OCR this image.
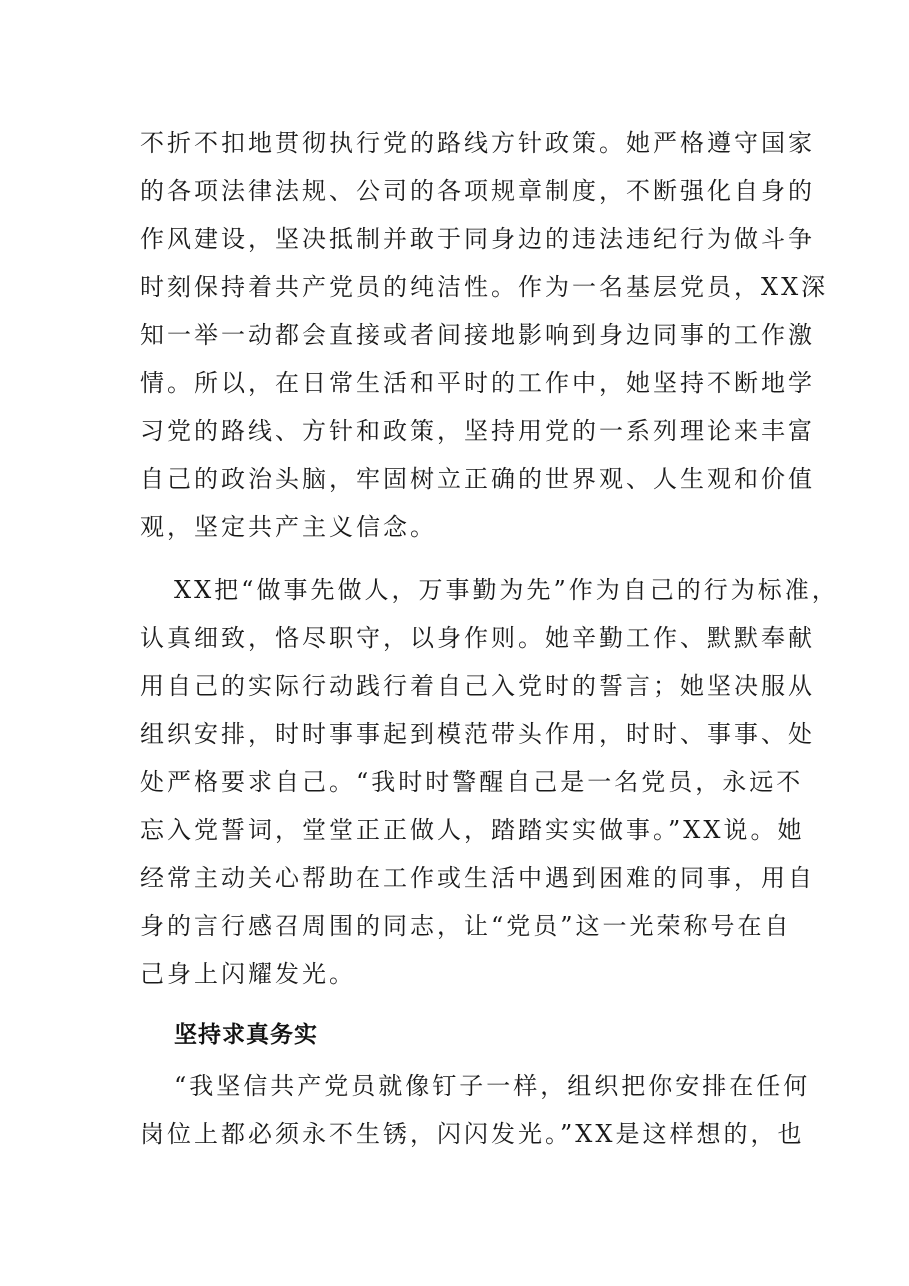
不折不扣地贯彻执行党的路线方针政策。她严格遵守国家
的各项法律法规、公司的各项规章制度，不断强化自身的
作风建设，坚决抵制并敢于同身边的违法违纪行为做斗争
时刻保持着共产党员的纯洁性。作为一名基层党员，XX深
知一举一动都会直接或者间接地影响到身边同事的工作激
情。所以，在日常生活和平时的工作中，她坚持不断地学
习党的路线、方针和政策，坚持用党的一系列理论来丰富
自己的政治头脑，牢固树立正确的世界观、人生观和价值
观，坚定共产主义信念。
XX把“做事先做人，万事勤为先”作为自己的行为标准，
认真细致，恪尽职守，以身作则。她辛勤工作、默默奉献
用自己的实际行动践行着自己入党时的誓言；她坚决服从
组织安排，时时事事起到模范带头作用，时时、事事、处
处严格要求自己。“我时时警醒自己是一名党员，永远不
忘入党誓词，堂堂正正做人，踏踏实实做事。”XX说。她
经常主动关心帮助在工作或生活中遇到困难的同事，用自
身的言行感召周围的同志，让“党员”这一光荣称号在自
己身上闪耀发光。
坚持求真务实
“我坚信共产党员就像钉子一样，组织把你安排在任何
岗位上都必须永不生锈，闪闪发光。”XX是这样想的，也
